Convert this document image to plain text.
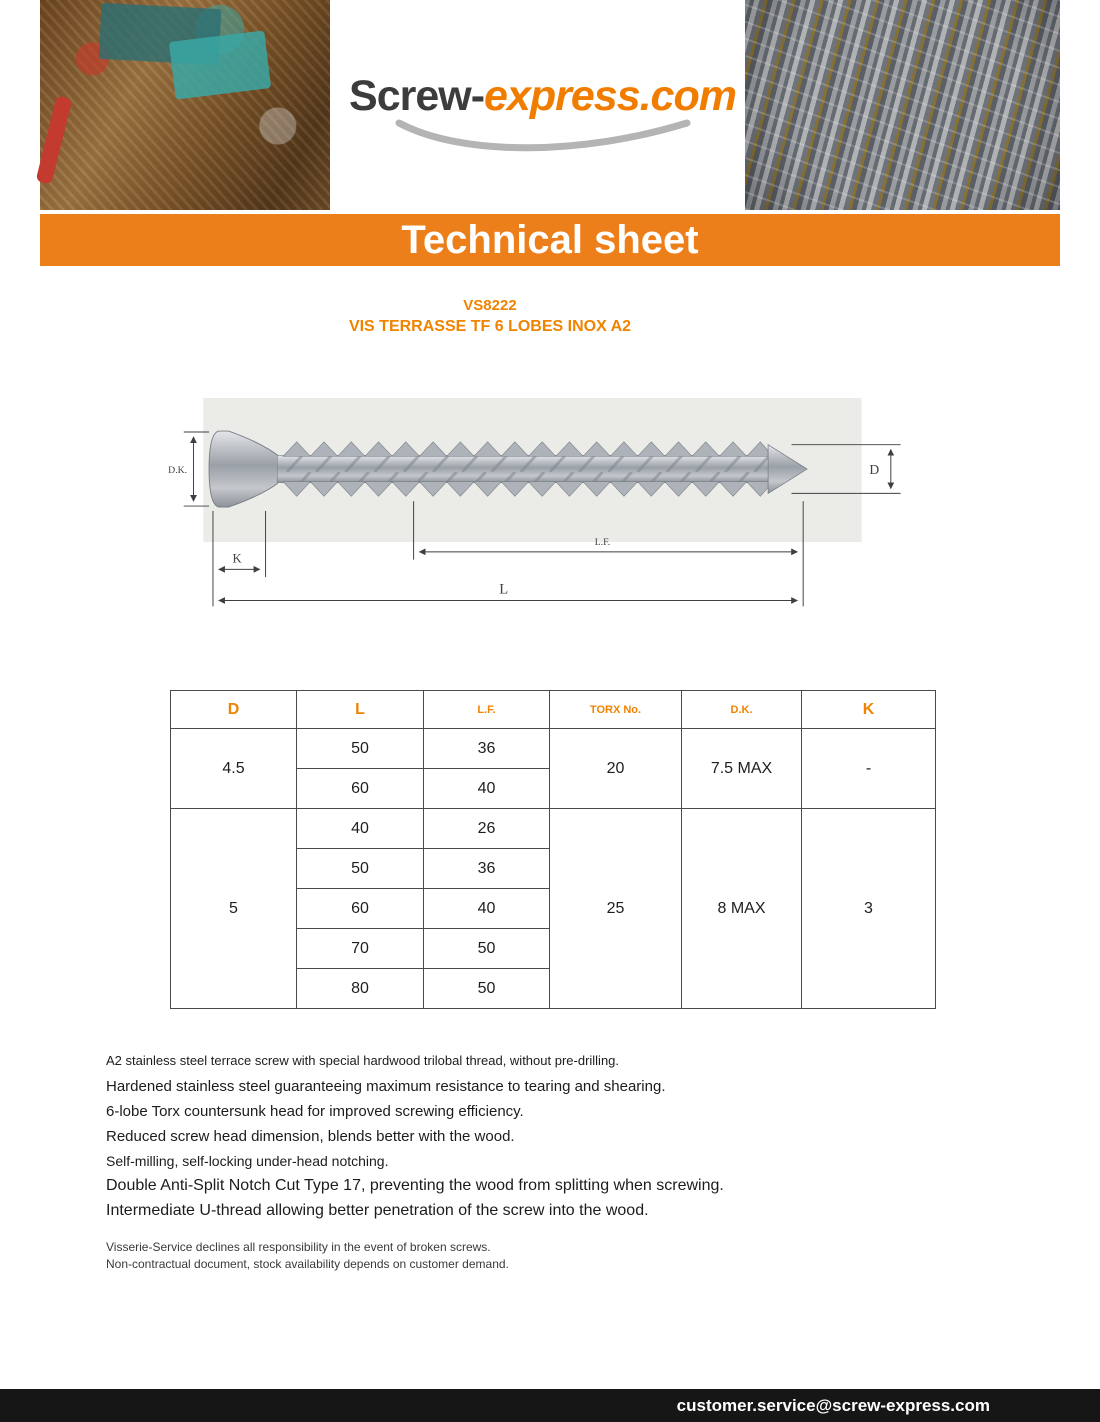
Screw-express.com
Technical sheet
VS8222
VIS TERRASSE TF 6 LOBES INOX A2
D.K.	D
K
L.F.
L
D	L	L.F.	TORX No.	D.K.	K
4.5	50	36	20	7.5 MAX	-
	60	40			
5	40	26	25	8 MAX	3
	50	36			
	60	40			
	70	50			
	80	50			
A2 stainless steel terrace screw with special hardwood trilobal thread, without pre-drilling.
Hardened stainless steel guaranteeing maximum resistance to tearing and shearing.
6-lobe Torx countersunk head for improved screwing efficiency.
Reduced screw head dimension, blends better with the wood.
Self-milling, self-locking under-head notching.
Double Anti-Split Notch Cut Type 17, preventing the wood from splitting when screwing.
Intermediate U-thread allowing better penetration of the screw into the wood.
Visserie-Service declines all responsibility in the event of broken screws.
Non-contractual document, stock availability depends on customer demand.
customer.service@screw-express.com
